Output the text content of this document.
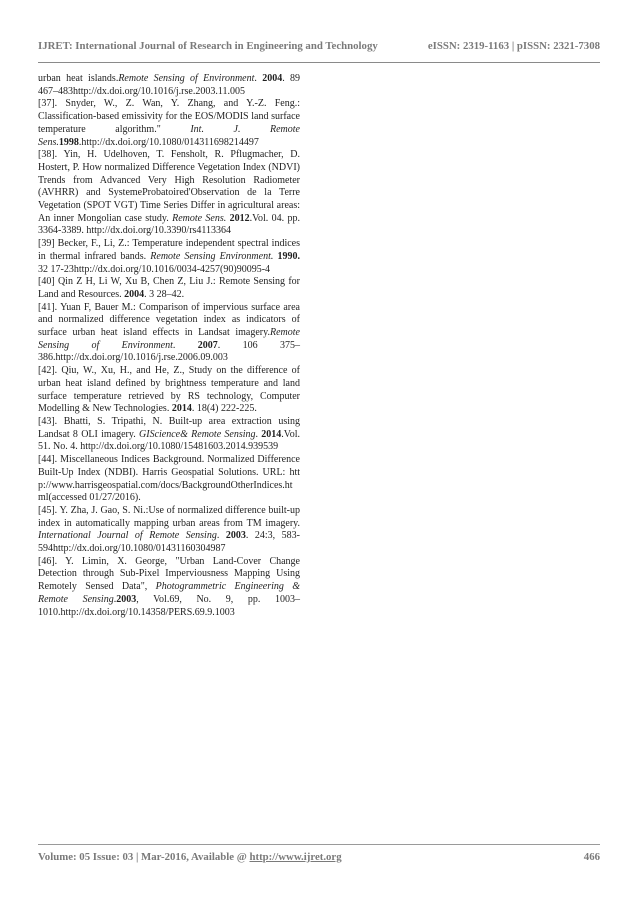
IJRET: International Journal of Research in Engineering and Technology	eISSN: 2319-1163 | pISSN: 2321-7308

urban heat islands.Remote Sensing of Environment. 2004. 89 467–483http://dx.doi.org/10.1016/j.rse.2003.11.005

[37]. Snyder, W., Z. Wan, Y. Zhang, and Y.-Z. Feng.: Classification-based emissivity for the EOS/MODIS land surface temperature algorithm." Int. J. Remote Sens.1998.http://dx.doi.org/10.1080/014311698214497

[38]. Yin, H. Udelhoven, T. Fensholt, R. Pflugmacher, D. Hostert, P. How normalized Difference Vegetation Index (NDVI) Trends from Advanced Very High Resolution Radiometer (AVHRR) and SystemeProbatoired'Observation de la Terre Vegetation (SPOT VGT) Time Series Differ in agricultural areas: An inner Mongolian case study. Remote Sens. 2012.Vol. 04. pp. 3364-3389. http://dx.doi.org/10.3390/rs4113364

[39] Becker, F., Li, Z.: Temperature independent spectral indices in thermal infrared bands. Remote Sensing Environment. 1990. 32 17-23http://dx.doi.org/10.1016/0034-4257(90)90095-4

[40] Qin Z H, Li W, Xu B, Chen Z, Liu J.: Remote Sensing for Land and Resources. 2004. 3 28–42.

[41]. Yuan F, Bauer M.: Comparison of impervious surface area and normalized difference vegetation index as indicators of surface urban heat island effects in Landsat imagery.Remote Sensing of Environment. 2007. 106 375–386.http://dx.doi.org/10.1016/j.rse.2006.09.003

[42]. Qiu, W., Xu, H., and He, Z., Study on the difference of urban heat island defined by brightness temperature and land surface temperature retrieved by RS technology, Computer Modelling & New Technologies. 2014. 18(4) 222-225.

[43]. Bhatti, S. Tripathi, N. Built-up area extraction using Landsat 8 OLI imagery. GIScience& Remote Sensing. 2014.Vol. 51. No. 4. http://dx.doi.org/10.1080/15481603.2014.939539

[44]. Miscellaneous Indices Background. Normalized Difference Built-Up Index (NDBI). Harris Geospatial Solutions. URL: http://www.harrisgeospatial.com/docs/BackgroundOtherIndices.html(accessed 01/27/2016).

[45]. Y. Zha, J. Gao, S. Ni.:Use of normalized difference built-up index in automatically mapping urban areas from TM imagery. International Journal of Remote Sensing. 2003. 24:3, 583-594http://dx.doi.org/10.1080/01431160304987

[46]. Y. Limin, X. George, "Urban Land-Cover Change Detection through Sub-Pixel Imperviousness Mapping Using Remotely Sensed Data", Photogrammetric Engineering & Remote Sensing.2003, Vol.69, No. 9, pp. 1003–1010.http://dx.doi.org/10.14358/PERS.69.9.1003

Volume: 05 Issue: 03 | Mar-2016, Available @ http://www.ijret.org	466
